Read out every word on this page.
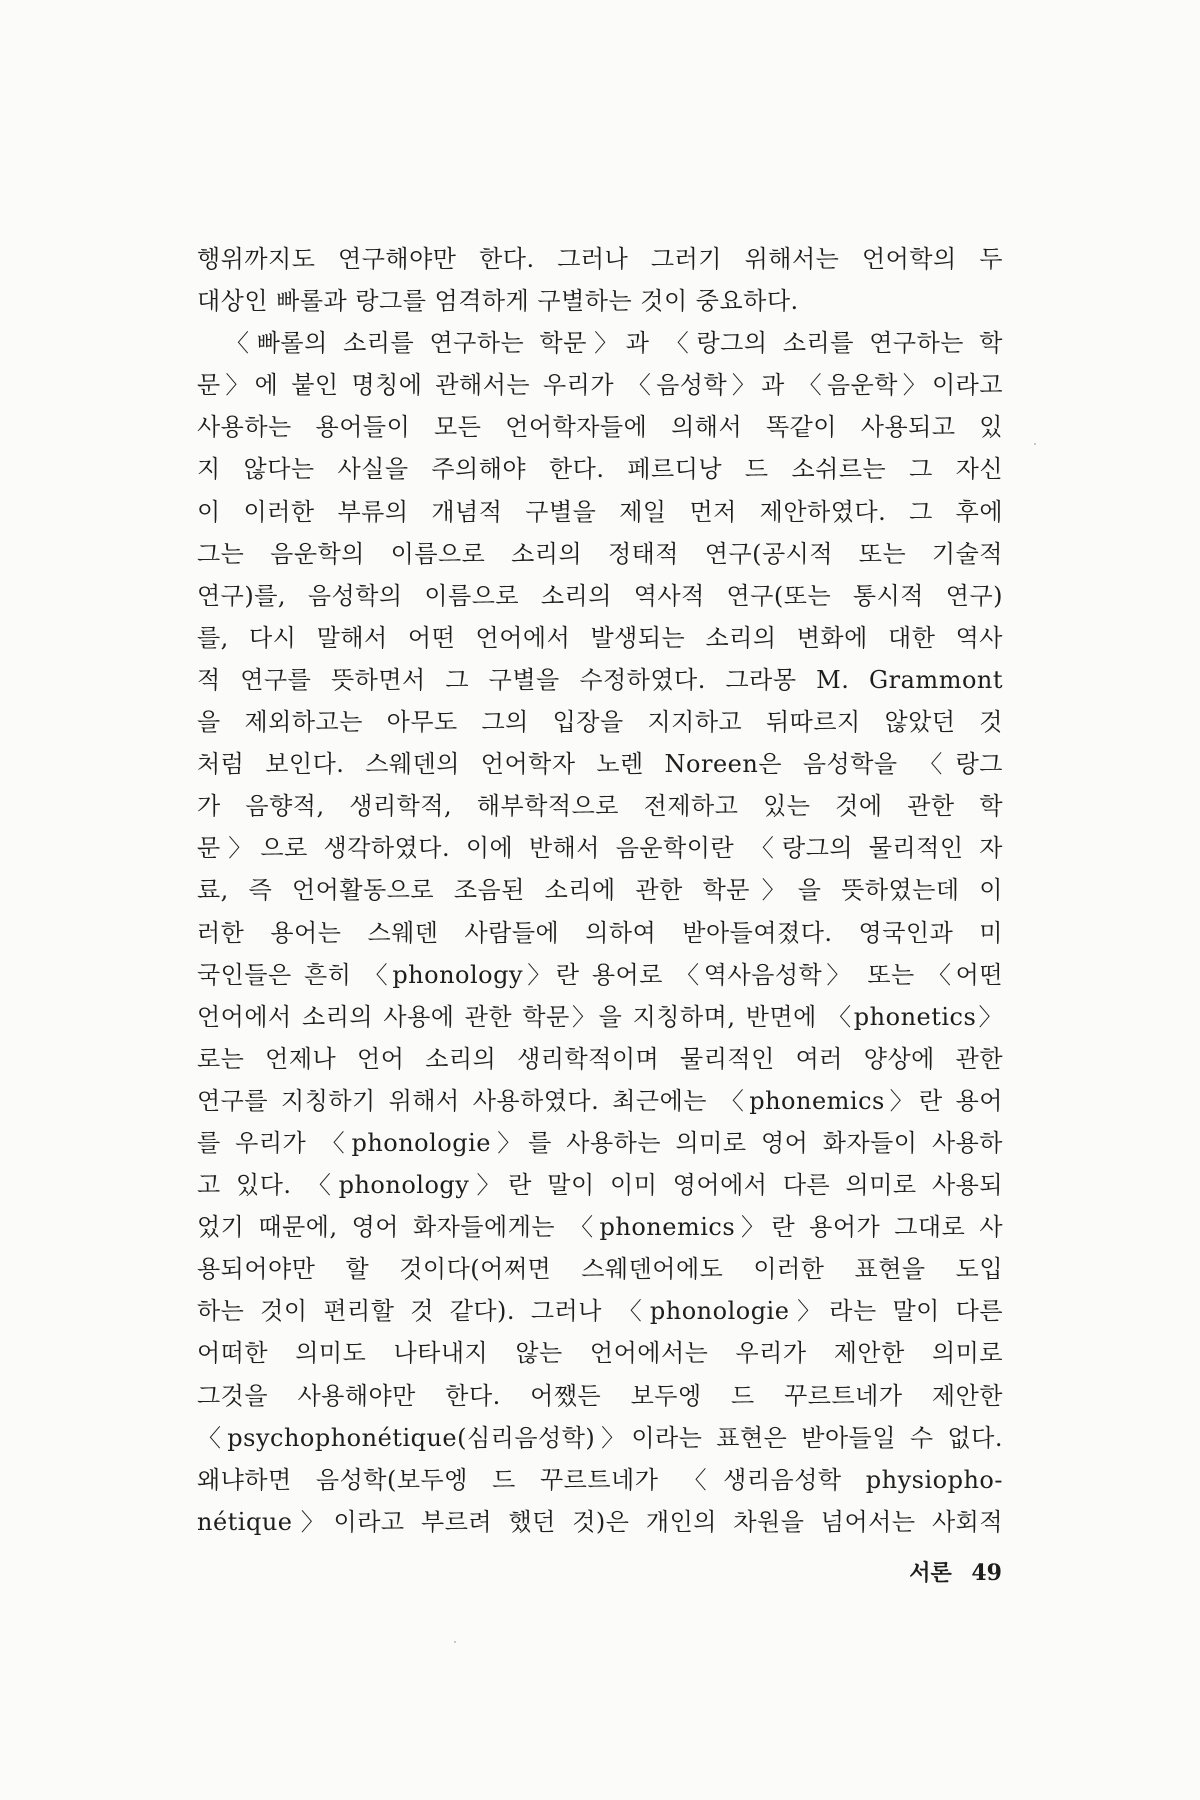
행위까지도 연구해야만 한다. 그러나 그러기 위해서는 언어학의 두
대상인 빠롤과 랑그를 엄격하게 구별하는 것이 중요하다.
〈빠롤의 소리를 연구하는 학문〉과 〈랑그의 소리를 연구하는 학
문〉에 붙인 명칭에 관해서는 우리가 〈음성학〉과 〈음운학〉이라고
사용하는 용어들이 모든 언어학자들에 의해서 똑같이 사용되고 있
지 않다는 사실을 주의해야 한다. 페르디낭 드 소쉬르는 그 자신
이 이러한 부류의 개념적 구별을 제일 먼저 제안하였다. 그 후에
그는 음운학의 이름으로 소리의 정태적 연구(공시적 또는 기술적
연구)를, 음성학의 이름으로 소리의 역사적 연구(또는 통시적 연구)
를, 다시 말해서 어떤 언어에서 발생되는 소리의 변화에 대한 역사
적 연구를 뜻하면서 그 구별을 수정하였다. 그라몽 M. Grammont
을 제외하고는 아무도 그의 입장을 지지하고 뒤따르지 않았던 것
처럼 보인다. 스웨덴의 언어학자 노렌 Noreen은 음성학을 〈랑그
가 음향적, 생리학적, 해부학적으로 전제하고 있는 것에 관한 학
문〉으로 생각하였다. 이에 반해서 음운학이란 〈랑그의 물리적인 자
료, 즉 언어활동으로 조음된 소리에 관한 학문〉을 뜻하였는데 이
러한 용어는 스웨덴 사람들에 의하여 받아들여졌다. 영국인과 미
국인들은 흔히 〈phonology〉란 용어로 〈역사음성학〉 또는 〈어떤
언어에서 소리의 사용에 관한 학문〉을 지칭하며, 반면에 〈phonetics〉
로는 언제나 언어 소리의 생리학적이며 물리적인 여러 양상에 관한
연구를 지칭하기 위해서 사용하였다. 최근에는 〈phonemics〉란 용어
를 우리가 〈phonologie〉를 사용하는 의미로 영어 화자들이 사용하
고 있다. 〈phonology〉란 말이 이미 영어에서 다른 의미로 사용되
었기 때문에, 영어 화자들에게는 〈phonemics〉란 용어가 그대로 사
용되어야만 할 것이다(어쩌면 스웨덴어에도 이러한 표현을 도입
하는 것이 편리할 것 같다). 그러나 〈phonologie〉라는 말이 다른
어떠한 의미도 나타내지 않는 언어에서는 우리가 제안한 의미로
그것을 사용해야만 한다. 어쨌든 보두엥 드 꾸르트네가 제안한
〈psychophonétique(심리음성학)〉이라는 표현은 받아들일 수 없다.
왜냐하면 음성학(보두엥 드 꾸르트네가 〈생리음성학 physiopho-
nétique〉이라고 부르려 했던 것)은 개인의 차원을 넘어서는 사회적
서론 49
